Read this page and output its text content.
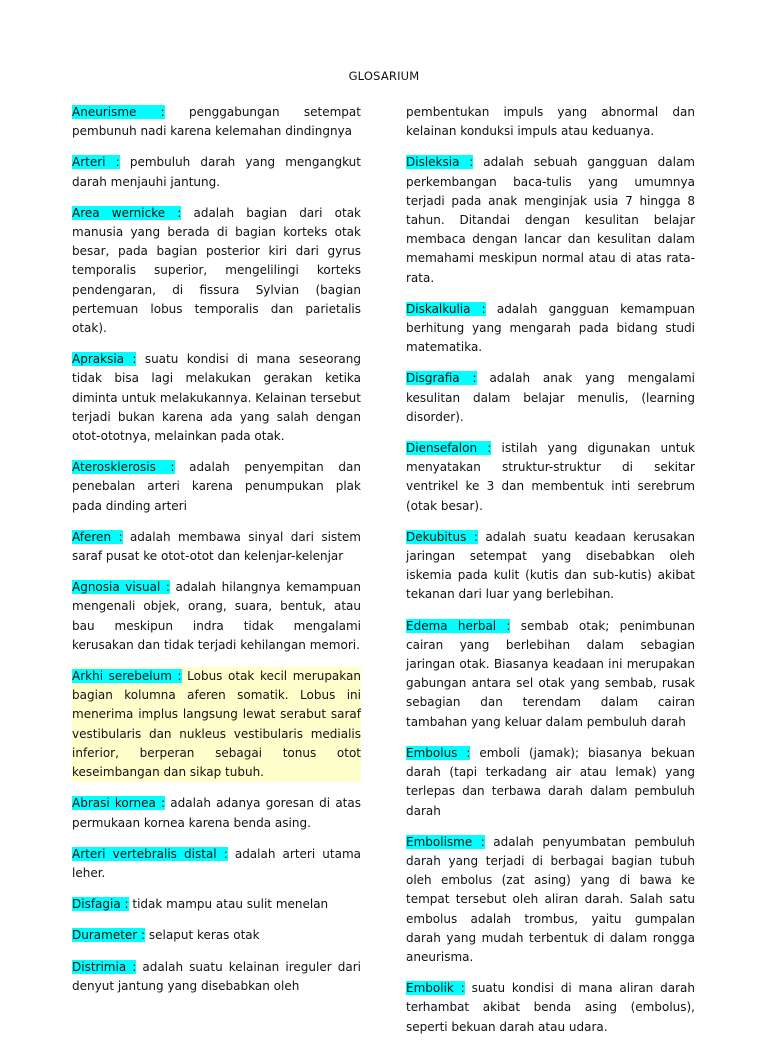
GLOSARIUM

Aneurisme : penggabungan setempat pembunuh nadi karena kelemahan dindingnya

Arteri : pembuluh darah yang mengangkut darah menjauhi jantung.

Area wernicke : adalah bagian dari otak manusia yang berada di bagian korteks otak besar, pada bagian posterior kiri dari gyrus temporalis superior, mengelilingi korteks pendengaran, di fissura Sylvian (bagian pertemuan lobus temporalis dan parietalis otak).

Apraksia : suatu kondisi di mana seseorang tidak bisa lagi melakukan gerakan ketika diminta untuk melakukannya. Kelainan tersebut terjadi bukan karena ada yang salah dengan otot-ototnya, melainkan pada otak.

Aterosklerosis : adalah penyempitan dan penebalan arteri karena penumpukan plak pada dinding arteri

Aferen : adalah membawa sinyal dari sistem saraf pusat ke otot-otot dan kelenjar-kelenjar

Agnosia visual : adalah hilangnya kemampuan mengenali objek, orang, suara, bentuk, atau bau meskipun indra tidak mengalami kerusakan dan tidak terjadi kehilangan memori.

Arkhi serebelum : Lobus otak kecil merupakan bagian kolumna aferen somatik. Lobus ini menerima implus langsung lewat serabut saraf vestibularis dan nukleus vestibularis medialis inferior, berperan sebagai tonus otot keseimbangan dan sikap tubuh.

Abrasi kornea : adalah adanya goresan di atas permukaan kornea karena benda asing.

Arteri vertebralis distal : adalah arteri utama leher.

Disfagia : tidak mampu atau sulit menelan

Durameter : selaput keras otak

Distrimia : adalah suatu kelainan ireguler dari denyut jantung yang disebabkan oleh

pembentukan impuls yang abnormal dan kelainan konduksi impuls atau keduanya.

Disleksia : adalah sebuah gangguan dalam perkembangan baca-tulis yang umumnya terjadi pada anak menginjak usia 7 hingga 8 tahun. Ditandai dengan kesulitan belajar membaca dengan lancar dan kesulitan dalam memahami meskipun normal atau di atas rata-rata.

Diskalkulia : adalah gangguan kemampuan berhitung yang mengarah pada bidang studi matematika.

Disgrafia : adalah anak yang mengalami kesulitan dalam belajar menulis, (learning disorder).

Diensefalon : istilah yang digunakan untuk menyatakan struktur-struktur di sekitar ventrikel ke 3 dan membentuk inti serebrum (otak besar).

Dekubitus : adalah suatu keadaan kerusakan jaringan setempat yang disebabkan oleh iskemia pada kulit (kutis dan sub-kutis) akibat tekanan dari luar yang berlebihan.

Edema herbal : sembab otak; penimbunan cairan yang berlebihan dalam sebagian jaringan otak. Biasanya keadaan ini merupakan gabungan antara sel otak yang sembab, rusak sebagian dan terendam dalam cairan tambahan yang keluar dalam pembuluh darah

Embolus : emboli (jamak); biasanya bekuan darah (tapi terkadang air atau lemak) yang terlepas dan terbawa darah dalam pembuluh darah

Embolisme : adalah penyumbatan pembuluh darah yang terjadi di berbagai bagian tubuh oleh embolus (zat asing) yang di bawa ke tempat tersebut oleh aliran darah. Salah satu embolus adalah trombus, yaitu gumpalan darah yang mudah terbentuk di dalam rongga aneurisma.

Embolik : suatu kondisi di mana aliran darah terhambat akibat benda asing (embolus), seperti bekuan darah atau udara.
